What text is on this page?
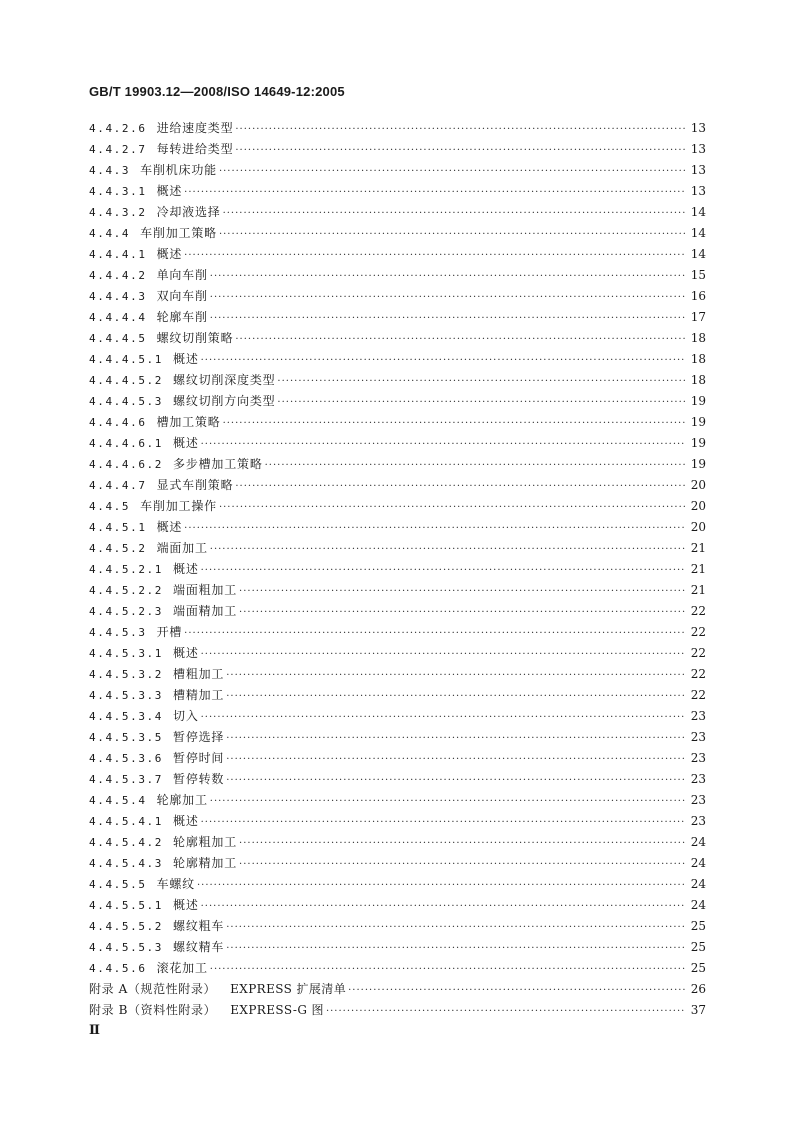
GB/T 19903.12—2008/ISO 14649-12:2005
4.4.2.6 进给速度类型 ·····	13
4.4.2.7 每转进给类型 ·····	13
4.4.3 车削机床功能 ·····	13
4.4.3.1 概述 ·····	13
4.4.3.2 冷却液选择 ·····	14
4.4.4 车削加工策略 ·····	14
4.4.4.1 概述 ·····	14
4.4.4.2 单向车削 ·····	15
4.4.4.3 双向车削 ·····	16
4.4.4.4 轮廓车削 ·····	17
4.4.4.5 螺纹切削策略 ·····	18
4.4.4.5.1 概述 ·····	18
4.4.4.5.2 螺纹切削深度类型 ·····	18
4.4.4.5.3 螺纹切削方向类型 ·····	19
4.4.4.6 槽加工策略 ·····	19
4.4.4.6.1 概述 ·····	19
4.4.4.6.2 多步槽加工策略 ·····	19
4.4.4.7 显式车削策略 ·····	20
4.4.5 车削加工操作 ·····	20
4.4.5.1 概述 ·····	20
4.4.5.2 端面加工 ·····	21
4.4.5.2.1 概述 ·····	21
4.4.5.2.2 端面粗加工 ·····	21
4.4.5.2.3 端面精加工 ·····	22
4.4.5.3 开槽 ·····	22
4.4.5.3.1 概述 ·····	22
4.4.5.3.2 槽粗加工 ·····	22
4.4.5.3.3 槽精加工 ·····	22
4.4.5.3.4 切入 ·····	23
4.4.5.3.5 暂停选择 ·····	23
4.4.5.3.6 暂停时间 ·····	23
4.4.5.3.7 暂停转数 ·····	23
4.4.5.4 轮廓加工 ·····	23
4.4.5.4.1 概述 ·····	23
4.4.5.4.2 轮廓粗加工 ·····	24
4.4.5.4.3 轮廓精加工 ·····	24
4.4.5.5 车螺纹 ·····	24
4.4.5.5.1 概述 ·····	24
4.4.5.5.2 螺纹粗车 ·····	25
4.4.5.5.3 螺纹精车 ·····	25
4.4.5.6 滚花加工 ·····	25
附录 A（规范性附录） EXPRESS 扩展清单 ·····	26
附录 B（资料性附录） EXPRESS-G 图 ·····	37
Ⅱ
